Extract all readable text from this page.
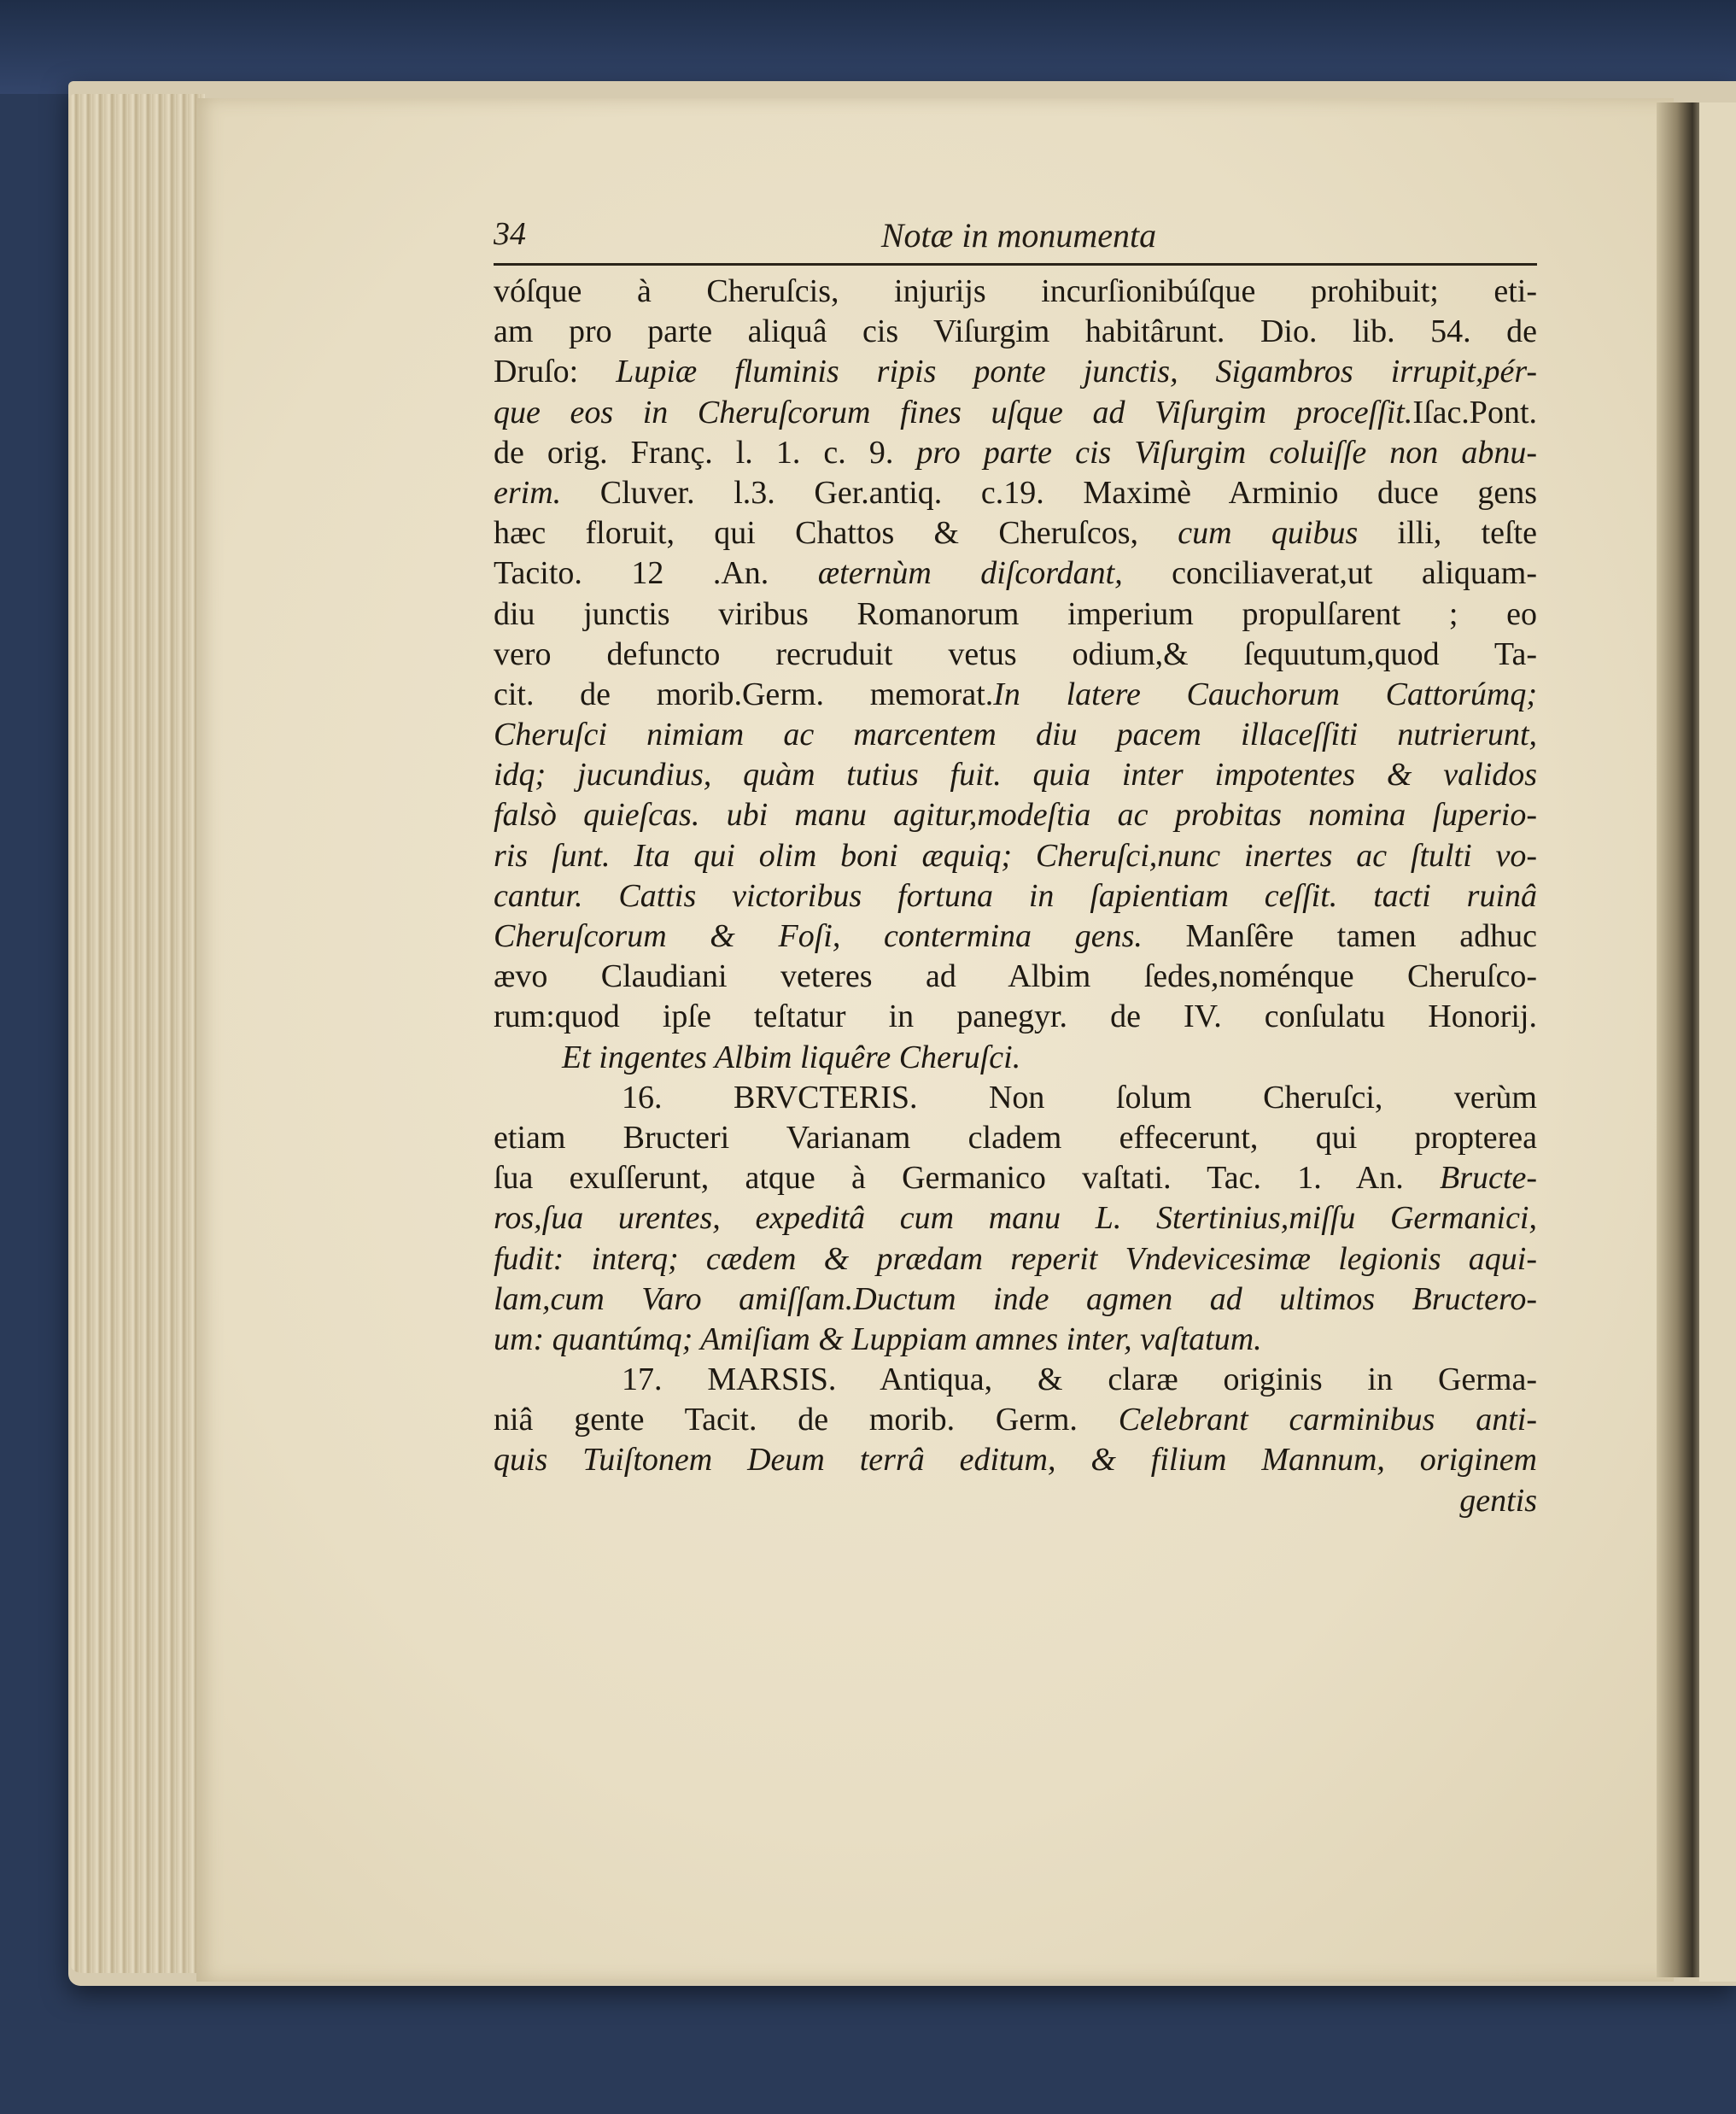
34	Notæ in monumenta
vóſque à Cheruſcis, injurijs incurſionibúſque prohibuit; eti-
am pro parte aliquâ cis Viſurgim habitârunt. Dio. lib. 54. de
Druſo: Lupiæ fluminis ripis ponte junctis, Sigambros irrupit,pér-
que eos in Cheruſcorum fines uſque ad Viſurgim proceſſit.Iſac.Pont.
de orig. Franç. l. 1. c. 9. pro parte cis Viſurgim coluiſſe non abnu-
erim. Cluver. l.3. Ger.antiq. c.19. Maximè Arminio duce gens
hæc floruit, qui Chattos & Cheruſcos, cum quibus illi, teſte
Tacito. 12 .An. æternùm diſcordant, conciliaverat,ut aliquam-
diu junctis viribus Romanorum imperium propulſarent ; eo
vero defuncto recruduit vetus odium,& ſequutum,quod Ta-
cit. de morib.Germ. memorat.In latere Cauchorum Cattorúmq;
Cheruſci nimiam ac marcentem diu pacem illaceſſiti nutrierunt,
idq; jucundius, quàm tutius fuit. quia inter impotentes & validos
falsò quieſcas. ubi manu agitur,modeſtia ac probitas nomina ſuperio-
ris ſunt. Ita qui olim boni æquiq; Cheruſci,nunc inertes ac ſtulti vo-
cantur. Cattis victoribus fortuna in ſapientiam ceſſit. tacti ruinâ
Cheruſcorum & Foſi, contermina gens. Manſêre tamen adhuc
ævo Claudiani veteres ad Albim ſedes,noménque Cheruſco-
rum:quod ipſe teſtatur in panegyr. de IV. conſulatu Honorij.
Et ingentes Albim liquêre Cheruſci.
16. BRVCTERIS. Non ſolum Cheruſci, verùm
etiam Bructeri Varianam cladem effecerunt, qui propterea
ſua exuſſerunt, atque à Germanico vaſtati. Tac. 1. An. Bructe-
ros,ſua urentes, expeditâ cum manu L. Stertinius,miſſu Germanici,
fudit: interq; cædem & prædam reperit Vndevicesimæ legionis aqui-
lam,cum Varo amiſſam.Ductum inde agmen ad ultimos Bructero-
um: quantúmq; Amiſiam & Luppiam amnes inter, vaſtatum.
17. MARSIS. Antiqua, & claræ originis in Germa-
niâ gente Tacit. de morib. Germ. Celebrant carminibus anti-
quis Tuiſtonem Deum terrâ editum, & filium Mannum, originem
gentis
